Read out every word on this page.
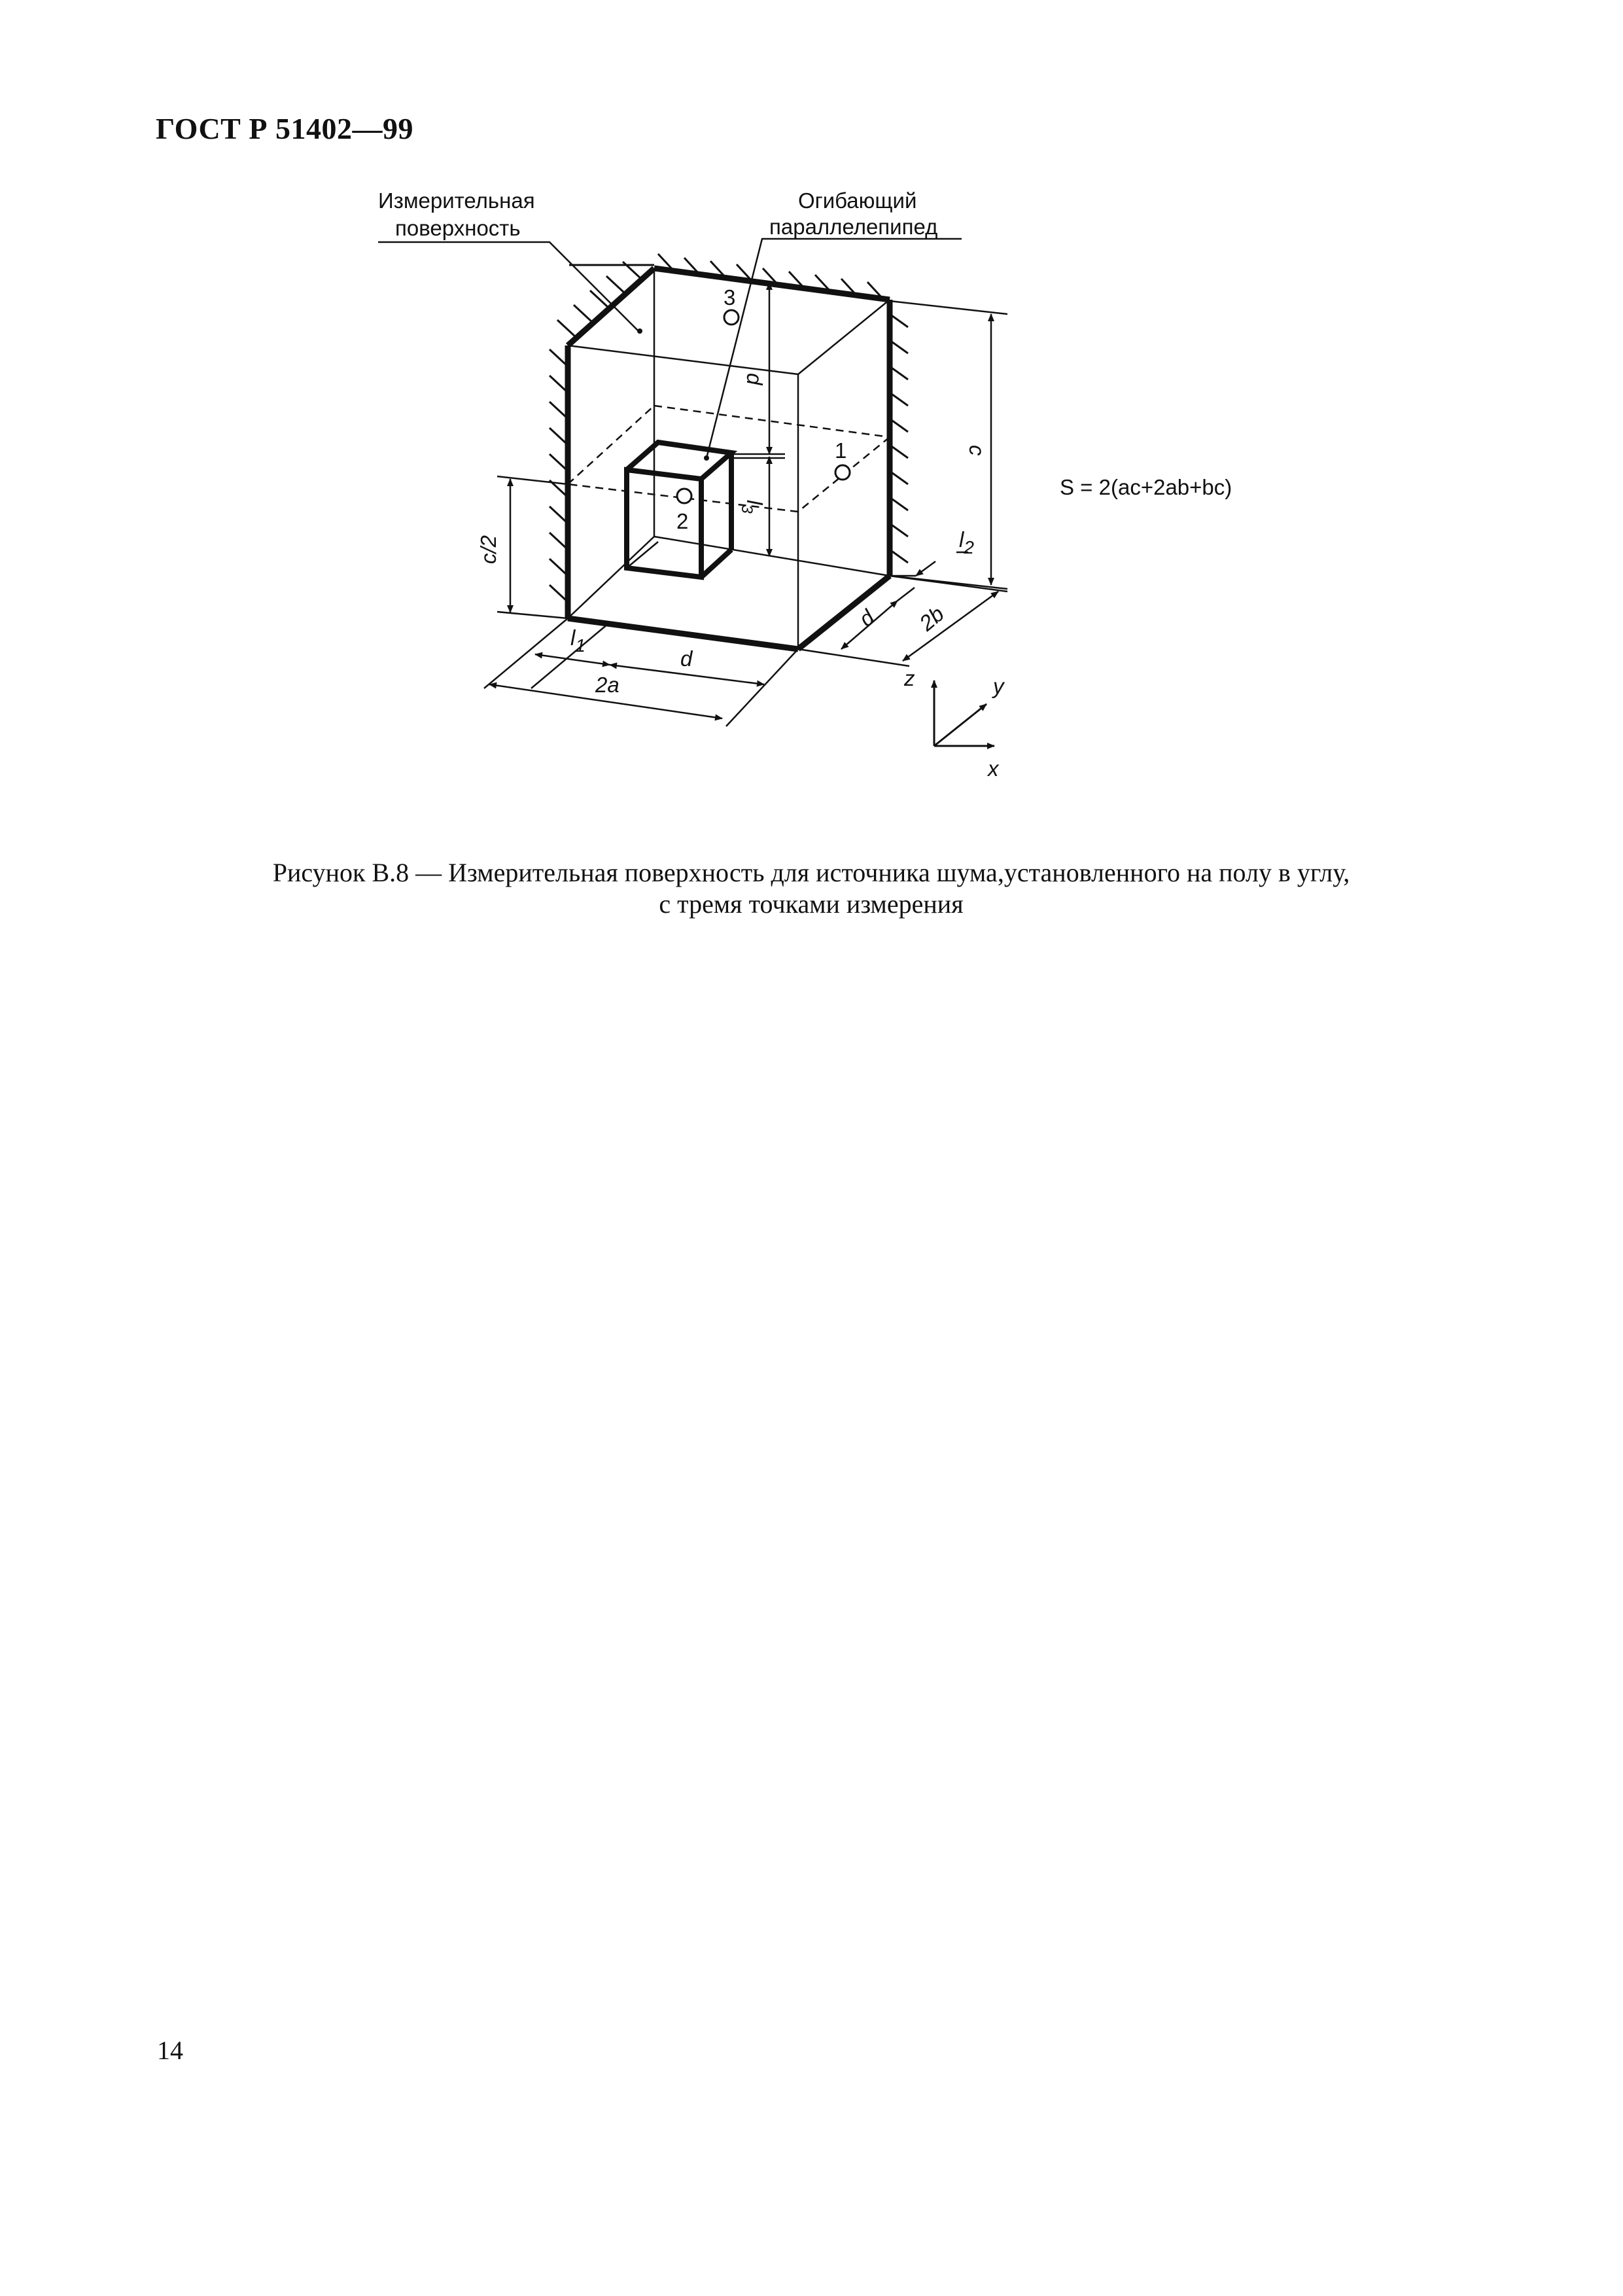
ГОСТ Р 51402—99
Измерительная
поверхность
Огибающий
параллелепипед
3
1
2
d
$l_3$
c
c/2	$l_2$
$l_1$
d
2a
d 2b
z	y
x
S = 2(ac+2ab+bc)
Рисунок В.8 — Измерительная поверхность для источника шума,установленного на полу в углу,
с тремя точками измерения
14
